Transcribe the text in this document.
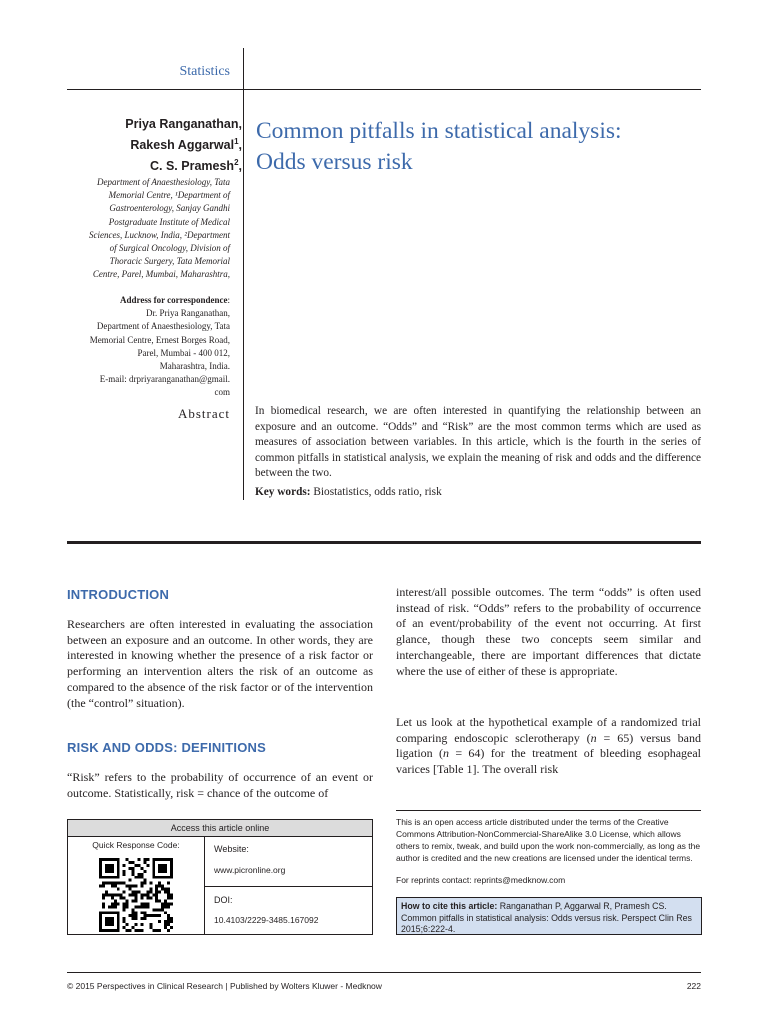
Statistics
Priya Ranganathan,
Rakesh Aggarwal$^1$,
C. S. Pramesh$^2$,
Department of Anaesthesiology, Tata
Memorial Centre, ¹Department of
Gastroenterology, Sanjay Gandhi
Postgraduate Institute of Medical
Sciences, Lucknow, India, ²Department
of Surgical Oncology, Division of
Thoracic Surgery, Tata Memorial
Centre, Parel, Mumbai, Maharashtra,
Address for correspondence:
Dr. Priya Ranganathan,
Department of Anaesthesiology, Tata
Memorial Centre, Ernest Borges Road,
Parel, Mumbai - 400 012,
Maharashtra, India.
E-mail: drpriyaranganathan@gmail.
com
Common pitfalls in statistical analysis:
Odds versus risk
Abstract In biomedical research, we are often interested in quantifying the relationship between an exposure and an outcome. “Odds” and “Risk” are the most common terms which are used as measures of association between variables. In this article, which is the fourth in the series of common pitfalls in statistical analysis, we explain the meaning of risk and odds and the difference between the two.
Key words: Biostatistics, odds ratio, risk
INTRODUCTION
Researchers are often interested in evaluating the association between an exposure and an outcome. In other words, they are interested in knowing whether the presence of a risk factor or performing an intervention alters the risk of an outcome as compared to the absence of the risk factor or of the intervention (the “control” situation).
RISK AND ODDS: DEFINITIONS
“Risk” refers to the probability of occurrence of an event or outcome. Statistically, risk = chance of the outcome of
interest/all possible outcomes. The term “odds” is often used instead of risk. “Odds” refers to the probability of occurrence of an event/probability of the event not occurring. At first glance, though these two concepts seem similar and interchangeable, there are important differences that dictate where the use of either of these is appropriate.
Let us look at the hypothetical example of a randomized trial comparing endoscopic sclerotherapy (n = 65) versus band ligation (n = 64) for the treatment of bleeding esophageal varices [Table 1]. The overall risk
Access this article online
Quick Response Code:	Website:
www.picronline.org
DOI:
10.4103/2229-3485.167092
This is an open access article distributed under the terms of the Creative Commons Attribution-NonCommercial-ShareAlike 3.0 License, which allows others to remix, tweak, and build upon the work non-commercially, as long as the author is credited and the new creations are licensed under the identical terms.
For reprints contact: reprints@medknow.com
How to cite this article: Ranganathan P, Aggarwal R, Pramesh CS. Common pitfalls in statistical analysis: Odds versus risk. Perspect Clin Res 2015;6:222-4.
© 2015 Perspectives in Clinical Research | Published by Wolters Kluwer - Medknow	222
